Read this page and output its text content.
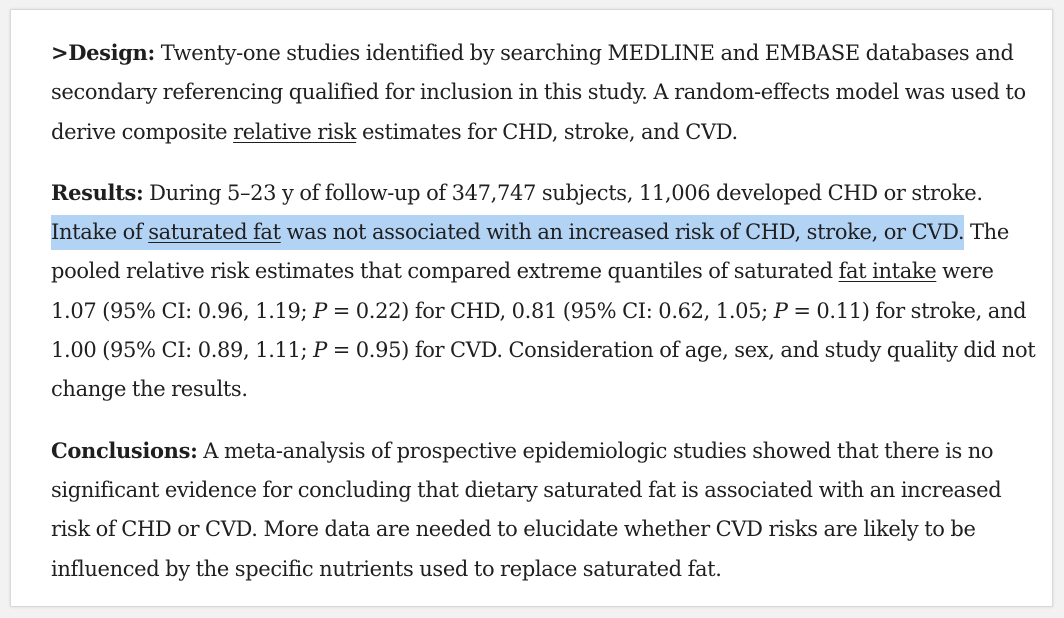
>Design: Twenty-one studies identified by searching MEDLINE and EMBASE databases and secondary referencing qualified for inclusion in this study. A random-effects model was used to derive composite relative risk estimates for CHD, stroke, and CVD.

Results: During 5–23 y of follow-up of 347,747 subjects, 11,006 developed CHD or stroke. Intake of saturated fat was not associated with an increased risk of CHD, stroke, or CVD. The pooled relative risk estimates that compared extreme quantiles of saturated fat intake were 1.07 (95% CI: 0.96, 1.19; P = 0.22) for CHD, 0.81 (95% CI: 0.62, 1.05; P = 0.11) for stroke, and 1.00 (95% CI: 0.89, 1.11; P = 0.95) for CVD. Consideration of age, sex, and study quality did not change the results.

Conclusions: A meta-analysis of prospective epidemiologic studies showed that there is no significant evidence for concluding that dietary saturated fat is associated with an increased risk of CHD or CVD. More data are needed to elucidate whether CVD risks are likely to be influenced by the specific nutrients used to replace saturated fat.
